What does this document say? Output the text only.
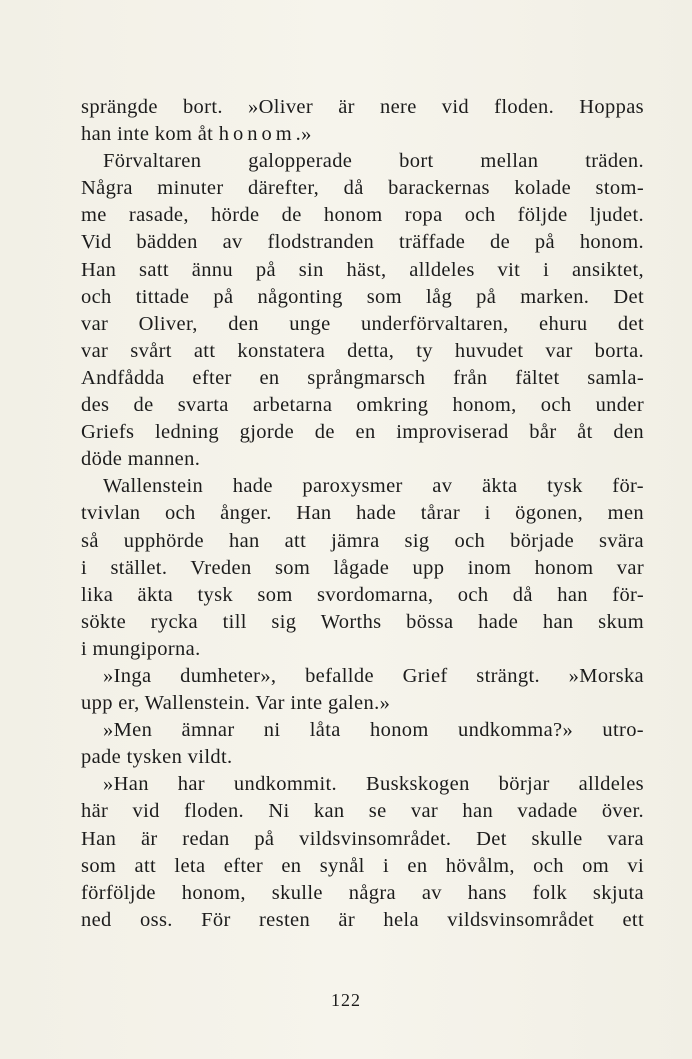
sprängde bort. »Oliver är nere vid floden. Hoppas
han inte kom åt honom.»
Förvaltaren galopperade bort mellan träden.
Några minuter därefter, då barackernas kolade stom-
me rasade, hörde de honom ropa och följde ljudet.
Vid bädden av flodstranden träffade de på honom.
Han satt ännu på sin häst, alldeles vit i ansiktet,
och tittade på någonting som låg på marken. Det
var Oliver, den unge underförvaltaren, ehuru det
var svårt att konstatera detta, ty huvudet var borta.
Andfådda efter en språngmarsch från fältet samla-
des de svarta arbetarna omkring honom, och under
Griefs ledning gjorde de en improviserad bår åt den
döde mannen.
Wallenstein hade paroxysmer av äkta tysk för-
tvivlan och ånger. Han hade tårar i ögonen, men
så upphörde han att jämra sig och började svära
i stället. Vreden som lågade upp inom honom var
lika äkta tysk som svordomarna, och då han för-
sökte rycka till sig Worths bössa hade han skum
i mungiporna.
»Inga dumheter», befallde Grief strängt. »Morska
upp er, Wallenstein. Var inte galen.»
»Men ämnar ni låta honom undkomma?» utro-
pade tysken vildt.
»Han har undkommit. Buskskogen börjar alldeles
här vid floden. Ni kan se var han vadade över.
Han är redan på vildsvinsområdet. Det skulle vara
som att leta efter en synål i en hövålm, och om vi
förföljde honom, skulle några av hans folk skjuta
ned oss. För resten är hela vildsvinsområdet ett
122
